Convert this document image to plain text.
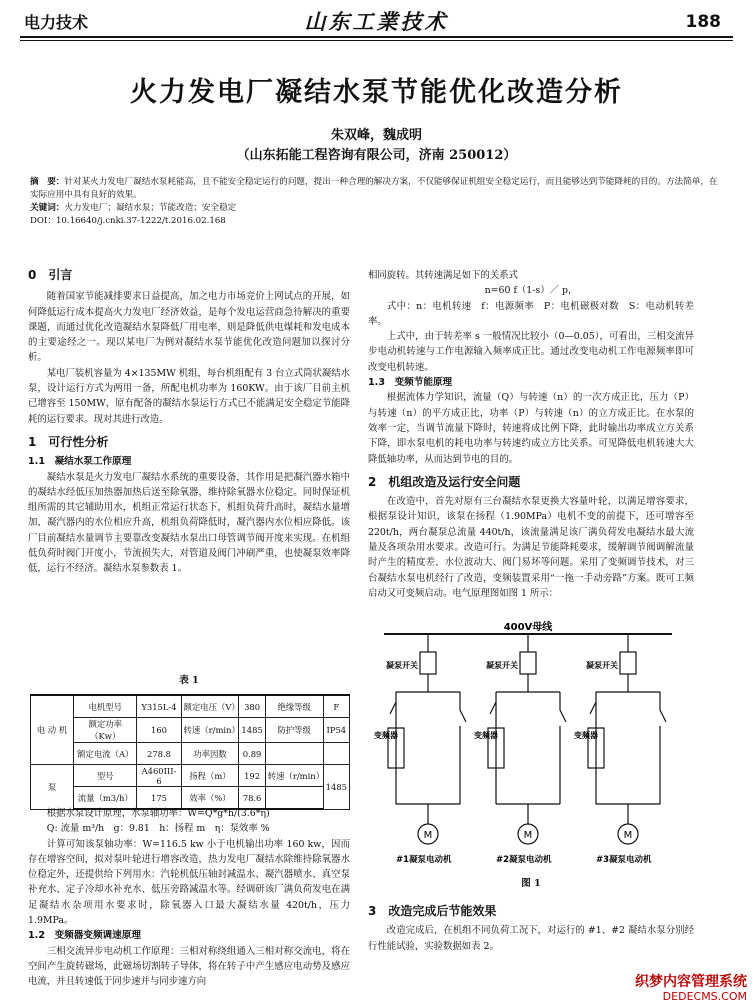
电力技术	山东工業技术	188
火力发电厂凝结水泵节能优化改造分析
朱双峰，魏成明
（山东拓能工程咨询有限公司，济南 250012）
摘　要：针对某火力发电厂凝结水泵耗能高，且不能安全稳定运行的问题，提出一种合理的解决方案，不仅能够保证机组安全稳定运行，而且能够达到节能降耗的目的。方法简单，在实际应用中具有良好的效果。
关键词：火力发电厂；凝结水泵；节能改造；安全稳定
DOI：10.16640/j.cnki.37-1222/t.2016.02.168
0　引言

随着国家节能减排要求日益提高，加之电力市场竞价上网试点的开展，如何降低运行成本提高火力发电厂经济效益，是每个发电运营商急待解决的重要课题，而通过优化改造凝结水泵降低厂用电率，则是降低供电煤耗和发电成本的主要途经之一。现以某电厂为例对凝结水泵节能优化改造问题加以探讨分析。

某电厂装机容量为 4×135MW 机组，每台机组配有 3 台立式筒状凝结水泵，设计运行方式为两用一备，所配电机功率为 160KW。由于该厂目前主机已增容至 150MW，原有配备的凝结水泵运行方式已不能满足安全稳定节能降耗的运行要求。现对其进行改造。

1　可行性分析
1.1　凝结水泵工作原理

凝结水泵是火力发电厂凝结水系统的重要设备，其作用是把凝汽器水箱中的凝结水经低压加热器加热后送至除氧器，维持除氧器水位稳定。同时保证机组所需的其它辅助用水，机组正常运行状态下，机组负荷升高时，凝结水量增加，凝汽器内的水位相应升高，机组负荷降低时，凝汽器内水位相应降低。该厂目前凝结水量调节主要靠改变凝结水泵出口母管调节阀开度来实现。在机组低负荷时阀门开度小，节流损失大，对管道及阀门冲刷严重，也使凝泵效率降低，运行不经济。凝结水泵参数表 1。

表 1
电 动 机	电机型号	Y315L-4	额定电压（V）	380	绝缘等级	F
	额定功率（Kw）	160	转速（r/min）	1485	防护等级	IP54
	额定电流（A）	278.8	功率因数	0.89		
泵	型号	A460III-6	扬程（m）	192	转速（r/min）	1485
	流量（m3/h）	175	效率（%）	78.6		

根据水泵设计原理，水泵轴功率：W=Q*g*h/(3.6*η)

Q: 流量 m³/h　g：9.81　h：扬程 m　η：泵效率 %

计算可知该泵轴功率：W=116.5 kw 小于电机输出功率 160 kw，因而存在增容空间，拟对泵叶轮进行增容改造，热力发电厂凝结水除维持除氧器水位稳定外，还提供给下列用水：汽轮机低压轴封减温水、凝汽器喷水、真空泵补充水、定子冷却水补充水、低压旁路减温水等。经调研该厂满负荷发电在满足凝结水杂项用水要求时，除氧器入口最大凝结水量 420t/h，压力 1.9MPa。

1.2　变频器变频调速原理

三相交流异步电动机工作原理：三相对称绕组通入三相对称交流电，将在空间产生旋转磁场，此磁场切割转子导体，将在转子中产生感应电动势及感应电流，并且转速低于同步速并与同步速方向

相同旋转。其转速满足如下的关系式

n=60 f（1-s）／ p，

式中：n：电机转速　f：电源频率　P：电机磁极对数　S：电动机转差率。

上式中，由于转差率 s 一般情况比较小（0—0.05），可看出，三相交流异步电动机转速与工作电源输入频率成正比。通过改变电动机工作电源频率即可改变电机转速。

1.3　变频节能原理

根据流体力学知识，流量（Q）与转速（n）的一次方成正比，压力（P）与转速（n）的平方成正比，功率（P）与转速（n）的立方成正比。在水泵的效率一定，当调节流量下降时，转速将成比例下降，此时输出功率成立方关系下降，即水泵电机的耗电功率与转速约成立方比关系。可见降低电机转速大大降低轴功率，从而达到节电的目的。

2　机组改造及运行安全问题

在改造中，首先对原有三台凝结水泵更换大容量叶轮，以满足增容要求，根据泵设计知识，该泵在扬程（1.90MPa）电机不变的前提下，还可增容至 220t/h，两台凝泵总流量 440t/h，该流量满足该厂满负荷发电凝结水最大流量及各项杂用水要求。改造可行。为满足节能降耗要求，缓解调节阀调解流量时产生的精度差、水位波动大、阀门易坏等问题。采用了变频调节技术，对三台凝结水泵电机经行了改造，变频装置采用“一拖一手动旁路”方案。既可工频启动又可变频启动。电气原理图如图 1 所示：

400V母线
凝泵开关
变频器
M
#1凝泵电动机
凝泵开关
变频器
M
#2凝泵电动机
凝泵开关
变频器
M
#3凝泵电动机
图 1
3　改造完成后节能效果

改造完成后，在机组不同负荷工况下，对运行的 #1、#2 凝结水泵分别经行性能试验，实验数据如表 2。

织梦内容管理系统
DEDECMS.COM
